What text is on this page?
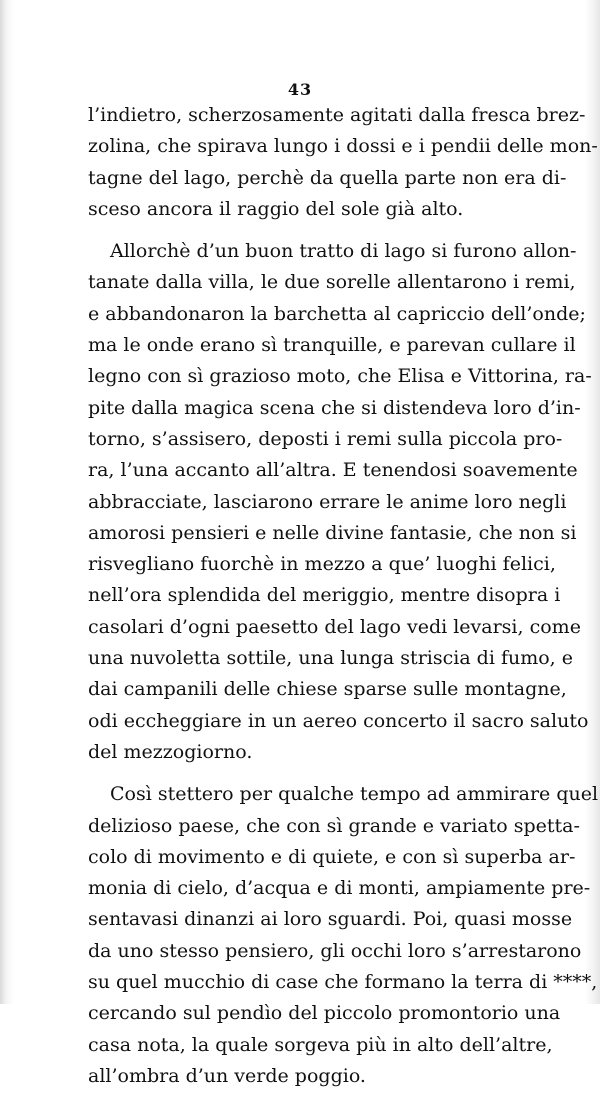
43
l’indietro, scherzosamente agitati dalla fresca brez-
zolina, che spirava lungo i dossi e i pendii delle mon-
tagne del lago, perchè da quella parte non era di-
sceso ancora il raggio del sole già alto.
Allorchè d’un buon tratto di lago si furono allon-
tanate dalla villa, le due sorelle allentarono i remi,
e abbandonaron la barchetta al capriccio dell’onde;
ma le onde erano sì tranquille, e parevan cullare il
legno con sì grazioso moto, che Elisa e Vittorina, ra-
pite dalla magica scena che si distendeva loro d’in-
torno, s’assisero, deposti i remi sulla piccola pro-
ra, l’una accanto all’altra. E tenendosi soavemente
abbracciate, lasciarono errare le anime loro negli
amorosi pensieri e nelle divine fantasie, che non si
risvegliano fuorchè in mezzo a que’ luoghi felici,
nell’ora splendida del meriggio, mentre disopra i
casolari d’ogni paesetto del lago vedi levarsi, come
una nuvoletta sottile, una lunga striscia di fumo, e
dai campanili delle chiese sparse sulle montagne,
odi eccheggiare in un aereo concerto il sacro saluto
del mezzogiorno.
Così stettero per qualche tempo ad ammirare quel
delizioso paese, che con sì grande e variato spetta-
colo di movimento e di quiete, e con sì superba ar-
monia di cielo, d’acqua e di monti, ampiamente pre-
sentavasi dinanzi ai loro sguardi. Poi, quasi mosse
da uno stesso pensiero, gli occhi loro s’arrestarono
su quel mucchio di case che formano la terra di ****,
cercando sul pendìo del piccolo promontorio una
casa nota, la quale sorgeva più in alto dell’altre,
all’ombra d’un verde poggio.
